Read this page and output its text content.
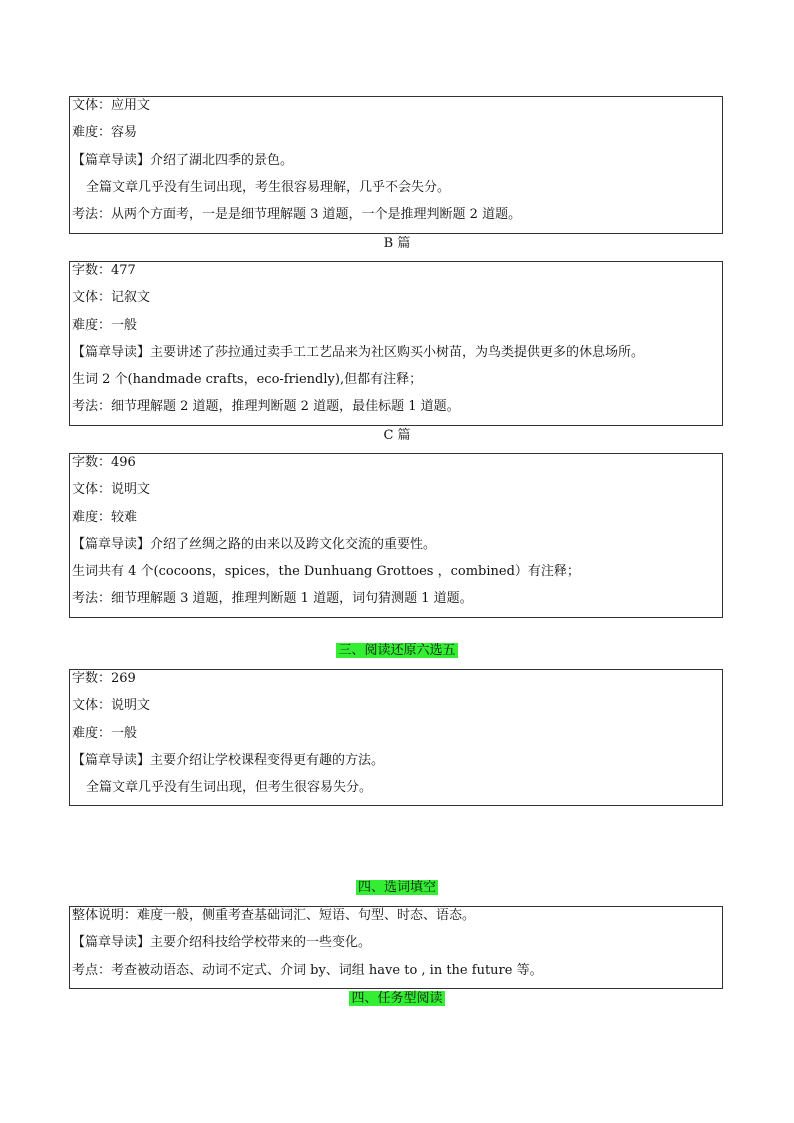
文体：应用文
难度：容易
【篇章导读】介绍了湖北四季的景色。
全篇文章几乎没有生词出现，考生很容易理解，几乎不会失分。
考法：从两个方面考，一是是细节理解题 3 道题，一个是推理判断题 2 道题。
B 篇
字数：477
文体：记叙文
难度：一般
【篇章导读】主要讲述了莎拉通过卖手工工艺品来为社区购买小树苗，为鸟类提供更多的休息场所。
生词 2 个(handmade crafts，eco-friendly),但都有注释；
考法：细节理解题 2 道题，推理判断题 2 道题，最佳标题 1 道题。
C 篇
字数：496
文体：说明文
难度：较难
【篇章导读】介绍了丝绸之路的由来以及跨文化交流的重要性。
生词共有 4 个(cocoons，spices，the Dunhuang Grottoes ，combined）有注释；
考法：细节理解题 3 道题，推理判断题 1 道题，词句猜测题 1 道题。
三、阅读还原六选五
字数：269
文体：说明文
难度：一般
【篇章导读】主要介绍让学校课程变得更有趣的方法。
全篇文章几乎没有生词出现，但考生很容易失分。
四、选词填空
整体说明：难度一般，侧重考查基础词汇、短语、句型、时态、语态。
【篇章导读】主要介绍科技给学校带来的一些变化。
考点：考查被动语态、动词不定式、介词 by、词组 have to , in the future 等。
四、任务型阅读
